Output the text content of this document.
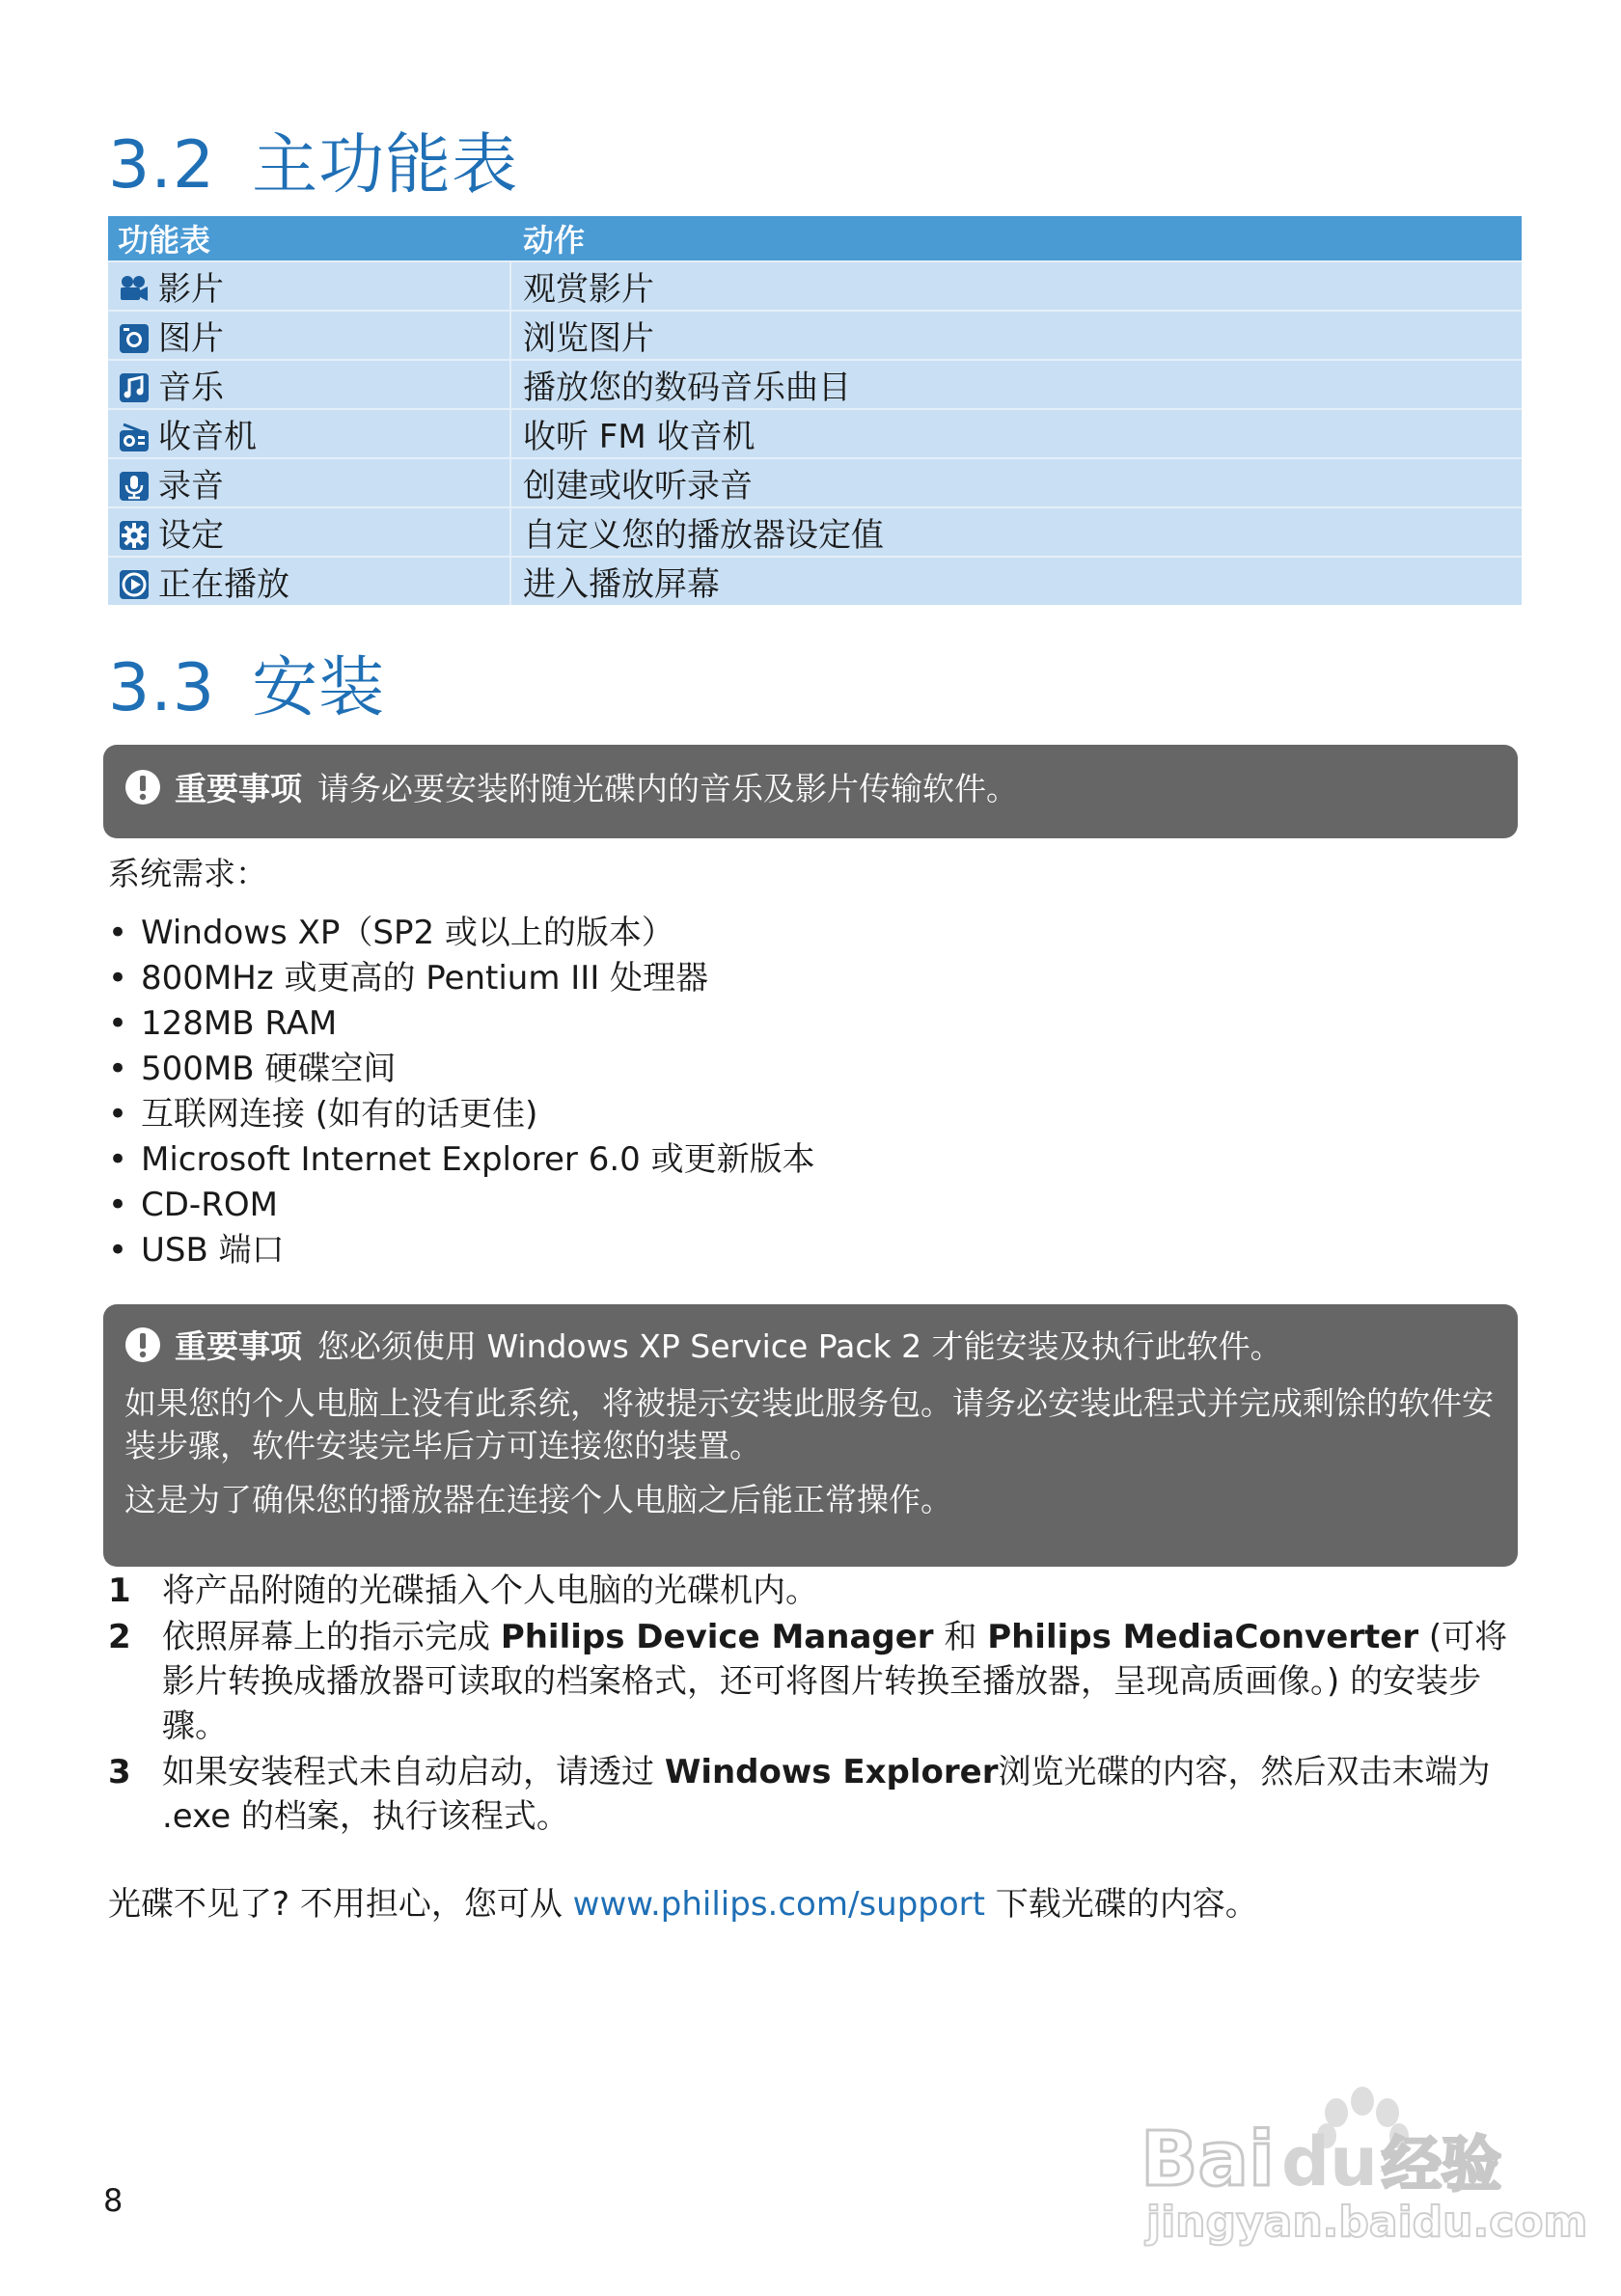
3.2 主功能表
功能表	动作

影片	观赏影片

图片	浏览图片

音乐	播放您的数码音乐曲目

收音机	收听 FM 收音机

录音	创建或收听录音

设定	自定义您的播放器设定值

正在播放	进入播放屏幕
3.3 安装
重要事项 请务必要安装附随光碟内的音乐及影片传输软件。

系统需求：

• Windows XP（SP2 或以上的版本）
• 800MHz 或更高的 Pentium III 处理器
• 128MB RAM
• 500MB 硬碟空间
• 互联网连接 (如有的话更佳)
• Microsoft Internet Explorer 6.0 或更新版本
• CD-ROM
• USB 端口
重要事项 您必须使用 Windows XP Service Pack 2 才能安装及执行此软件。

如果您的个人电脑上没有此系统，将被提示安装此服务包。请务必安装此程式并完成剩馀的软件安装步骤，软件安装完毕后方可连接您的装置。

这是为了确保您的播放器在连接个人电脑之后能正常操作。

1 将产品附随的光碟插入个人电脑的光碟机内。
2 依照屏幕上的指示完成 Philips Device Manager 和 Philips MediaConverter (可将影片转换成播放器可读取的档案格式，还可将图片转换至播放器，呈现高质画像。) 的安装步骤。
3 如果安装程式未自动启动，请透过 Windows Explorer浏览光碟的内容，然后双击末端为 .exe 的档案，执行该程式。

光碟不见了? 不用担心，您可从 www.philips.com/support 下载光碟的内容。

8	Bai du 经验
jingyan.baidu.com
